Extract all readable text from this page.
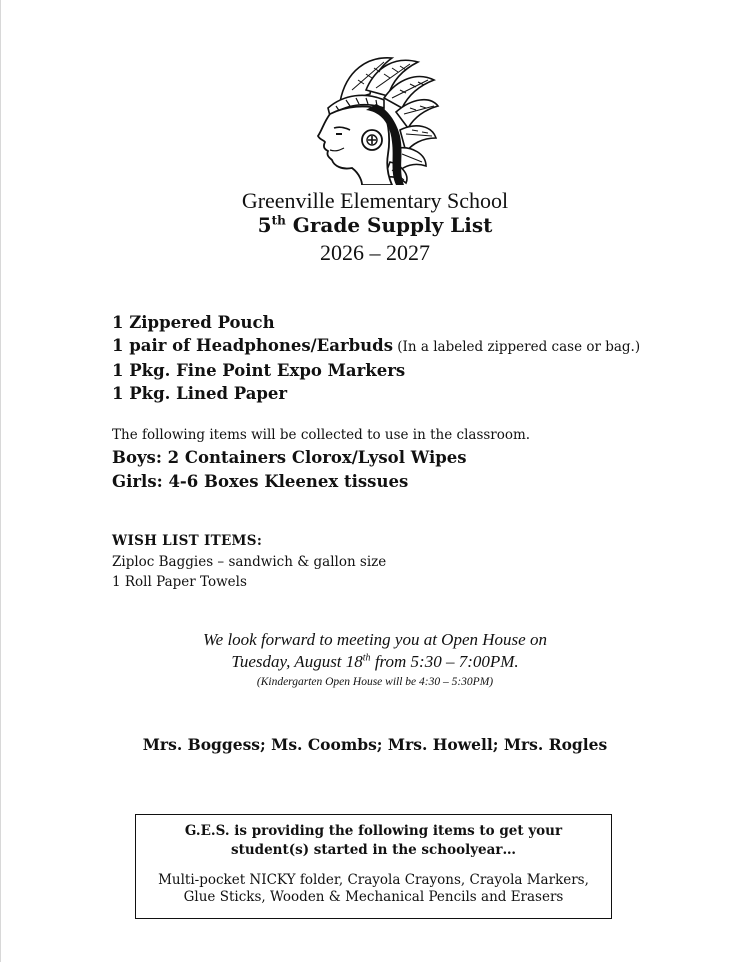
Greenville Elementary School
5th Grade Supply List
2026 – 2027
1 Zippered Pouch
1 pair of Headphones/Earbuds (In a labeled zippered case or bag.)
1 Pkg. Fine Point Expo Markers
1 Pkg. Lined Paper
The following items will be collected to use in the classroom.
Boys: 2 Containers Clorox/Lysol Wipes
Girls: 4-6 Boxes Kleenex tissues
WISH LIST ITEMS:
Ziploc Baggies – sandwich & gallon size
1 Roll Paper Towels
We look forward to meeting you at Open House on
Tuesday, August 18th from 5:30 – 7:00PM.
(Kindergarten Open House will be 4:30 – 5:30PM)
Mrs. Boggess; Ms. Coombs; Mrs. Howell; Mrs. Rogles
G.E.S. is providing the following items to get your
student(s) started in the schoolyear…
Multi-pocket NICKY folder, Crayola Crayons, Crayola Markers,
Glue Sticks, Wooden & Mechanical Pencils and Erasers
